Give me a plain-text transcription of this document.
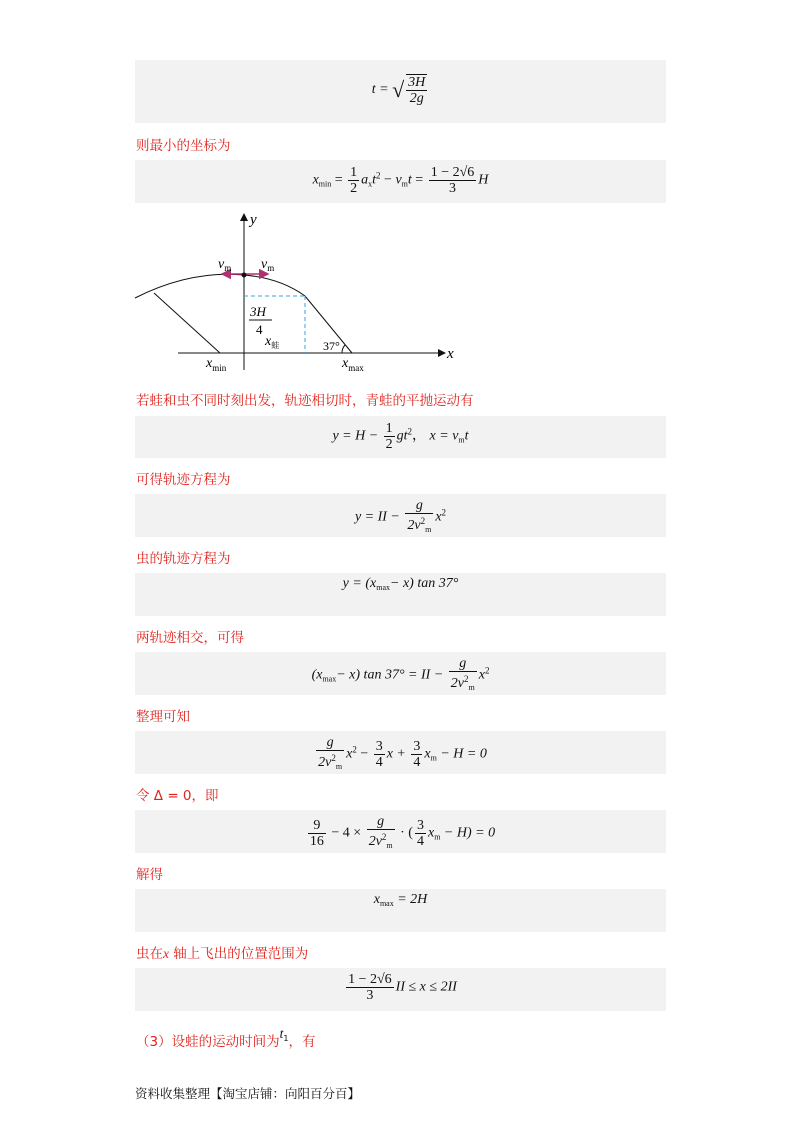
t = √ $\frac{3H}{2g}$
则最小的坐标为
$x_{min} = \frac{1}{2} a_xt^2 - v_mt = \frac{1 - 2√6}{3}$ H
y
x
$v_m$ $v_m$
3H
4
$x_蛙$	37°
$x_{min}$	$x_{max}$
若蛙和虫不同时刻出发，轨迹相切时，青蛙的平抛运动有
$y = H - \frac{1}{2} gt^2$， $x = v_mt$
可得轨迹方程为
y = II − $\frac{g}{2v^2_m} x^2$
虫的轨迹方程为
$y = (x_{max}- x)$ tan 37°
两轨迹相交，可得
$(x_{max}- x)$ tan 37° = II − $\frac{g}{2v^2_m} x^2$
整理可知
$\frac{g}{2v^2_m} x^2 - \frac{3}{4}$ $x + \frac{3}{4} x_m - H = 0$
令 Δ = 0，即
$\frac{9}{16} - 4 \times \frac{g}{2v^2_m}$ · ( $\frac{3}{4} x_m - H) = 0$
解得
$x_{max} = 2H$
虫在x 轴上飞出的位置范围为
$\frac{1 - 2√6}{3}$ II ≤ x ≤ 2II
（3）设蛙的运动时间为$t_1$，有
资料收集整理【淘宝店铺：向阳百分百】
